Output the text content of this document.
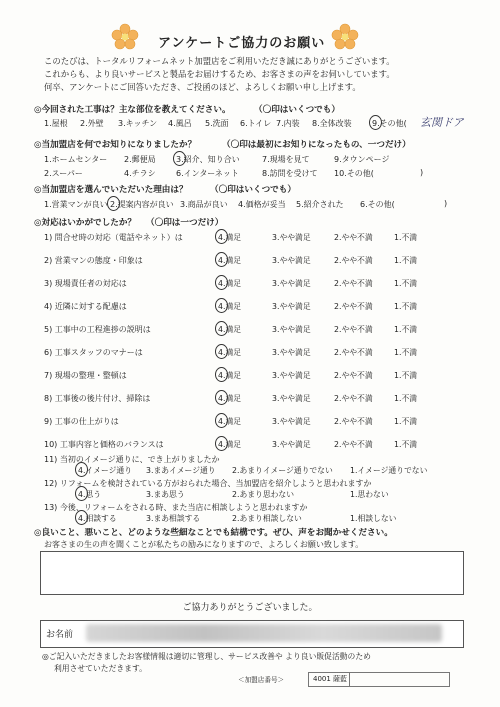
アンケートご協力のお願い
このたびは、トータルリフォームネット加盟店をご利用いただき誠にありがとうございます。
これからも、より良いサービスと製品をお届けするため、お客さまの声をお伺いしています。
何卒、アンケートにご回答いただき、ご投函のほど、よろしくお願い申し上げます。
◎今回された工事は？主な部位を教えてください。	（〇印はいくつでも）
1.屋根 2.外壁 3.キッチン 4.風呂 5.洗面 6.トイレ 7.内装 8.全体改装	9.その他( 玄関ドア
◎当加盟店を何でお知りになりましたか？	（〇印は最初にお知りになったもの、一つだけ）
1.ホームセンター 2.郵便局	3.紹介、知り合い	7.現場を見て	9.タウンページ
2.スーパー	4.チラシ	6.インターネット	8.訪問を受けて 10.その他(	)
◎当加盟店を選んでいただいた理由は？	（〇印はいくつでも）
1.営業マンが良い 2.提案内容が良い 3.商品が良い 4.価格が妥当 5.紹介された 6.その他(	)
◎対応はいかがでしたか？ （〇印は一つだけ）
1) 問合せ時の対応（電話やネット）は	4.満足	3.やや満足	2.やや不満	1.不満
2) 営業マンの態度・印象は	4.満足	3.やや満足	2.やや不満	1.不満
3) 現場責任者の対応は	4.満足	3.やや満足	2.やや不満	1.不満
4) 近隣に対する配慮は	4.満足	3.やや満足	2.やや不満	1.不満
5) 工事中の工程進捗の説明は	4.満足	3.やや満足	2.やや不満	1.不満
6) 工事スタッフのマナーは	4.満足	3.やや満足	2.やや不満	1.不満
7) 現場の整理・整頓は	4.満足	3.やや満足	2.やや不満	1.不満
8) 工事後の後片付け、掃除は	4.満足	3.やや満足	2.やや不満	1.不満
9) 工事の仕上がりは	4.満足	3.やや満足	2.やや不満	1.不満
10) 工事内容と価格のバランスは	4.満足	3.やや満足	2.やや不満	1.不満
ご協力ありがとうございました。
お名前
◎ご記入いただきましたお客様情報は適切に管理し、サービス改善や より良い販促活動のため
利用させていただきます。
＜加盟店番号＞	4001 薩藍
11) 当初のイメージ通りに、でき上がりましたか
4.イメージ通り 3.まあイメージ通り 2.あまりイメージ通りでない 1.イメージ通りでない
12) リフォームを検討されている方がおられた場合、当加盟店を紹介しようと思われますか
4.思う	3.まあ思う	2.あまり思わない	1.思わない
13) 今後、リフォームをされる時、また当店に相談しようと思われますか
4.相談する	3.まあ相談する	2.あまり相談しない	1.相談しない
◎良いこと、悪いこと、どのような些細なことでも結構です。ぜひ、声をお聞かせください。
お客さまの生の声を聞くことが私たちの励みになりますので、よろしくお願い致します。
